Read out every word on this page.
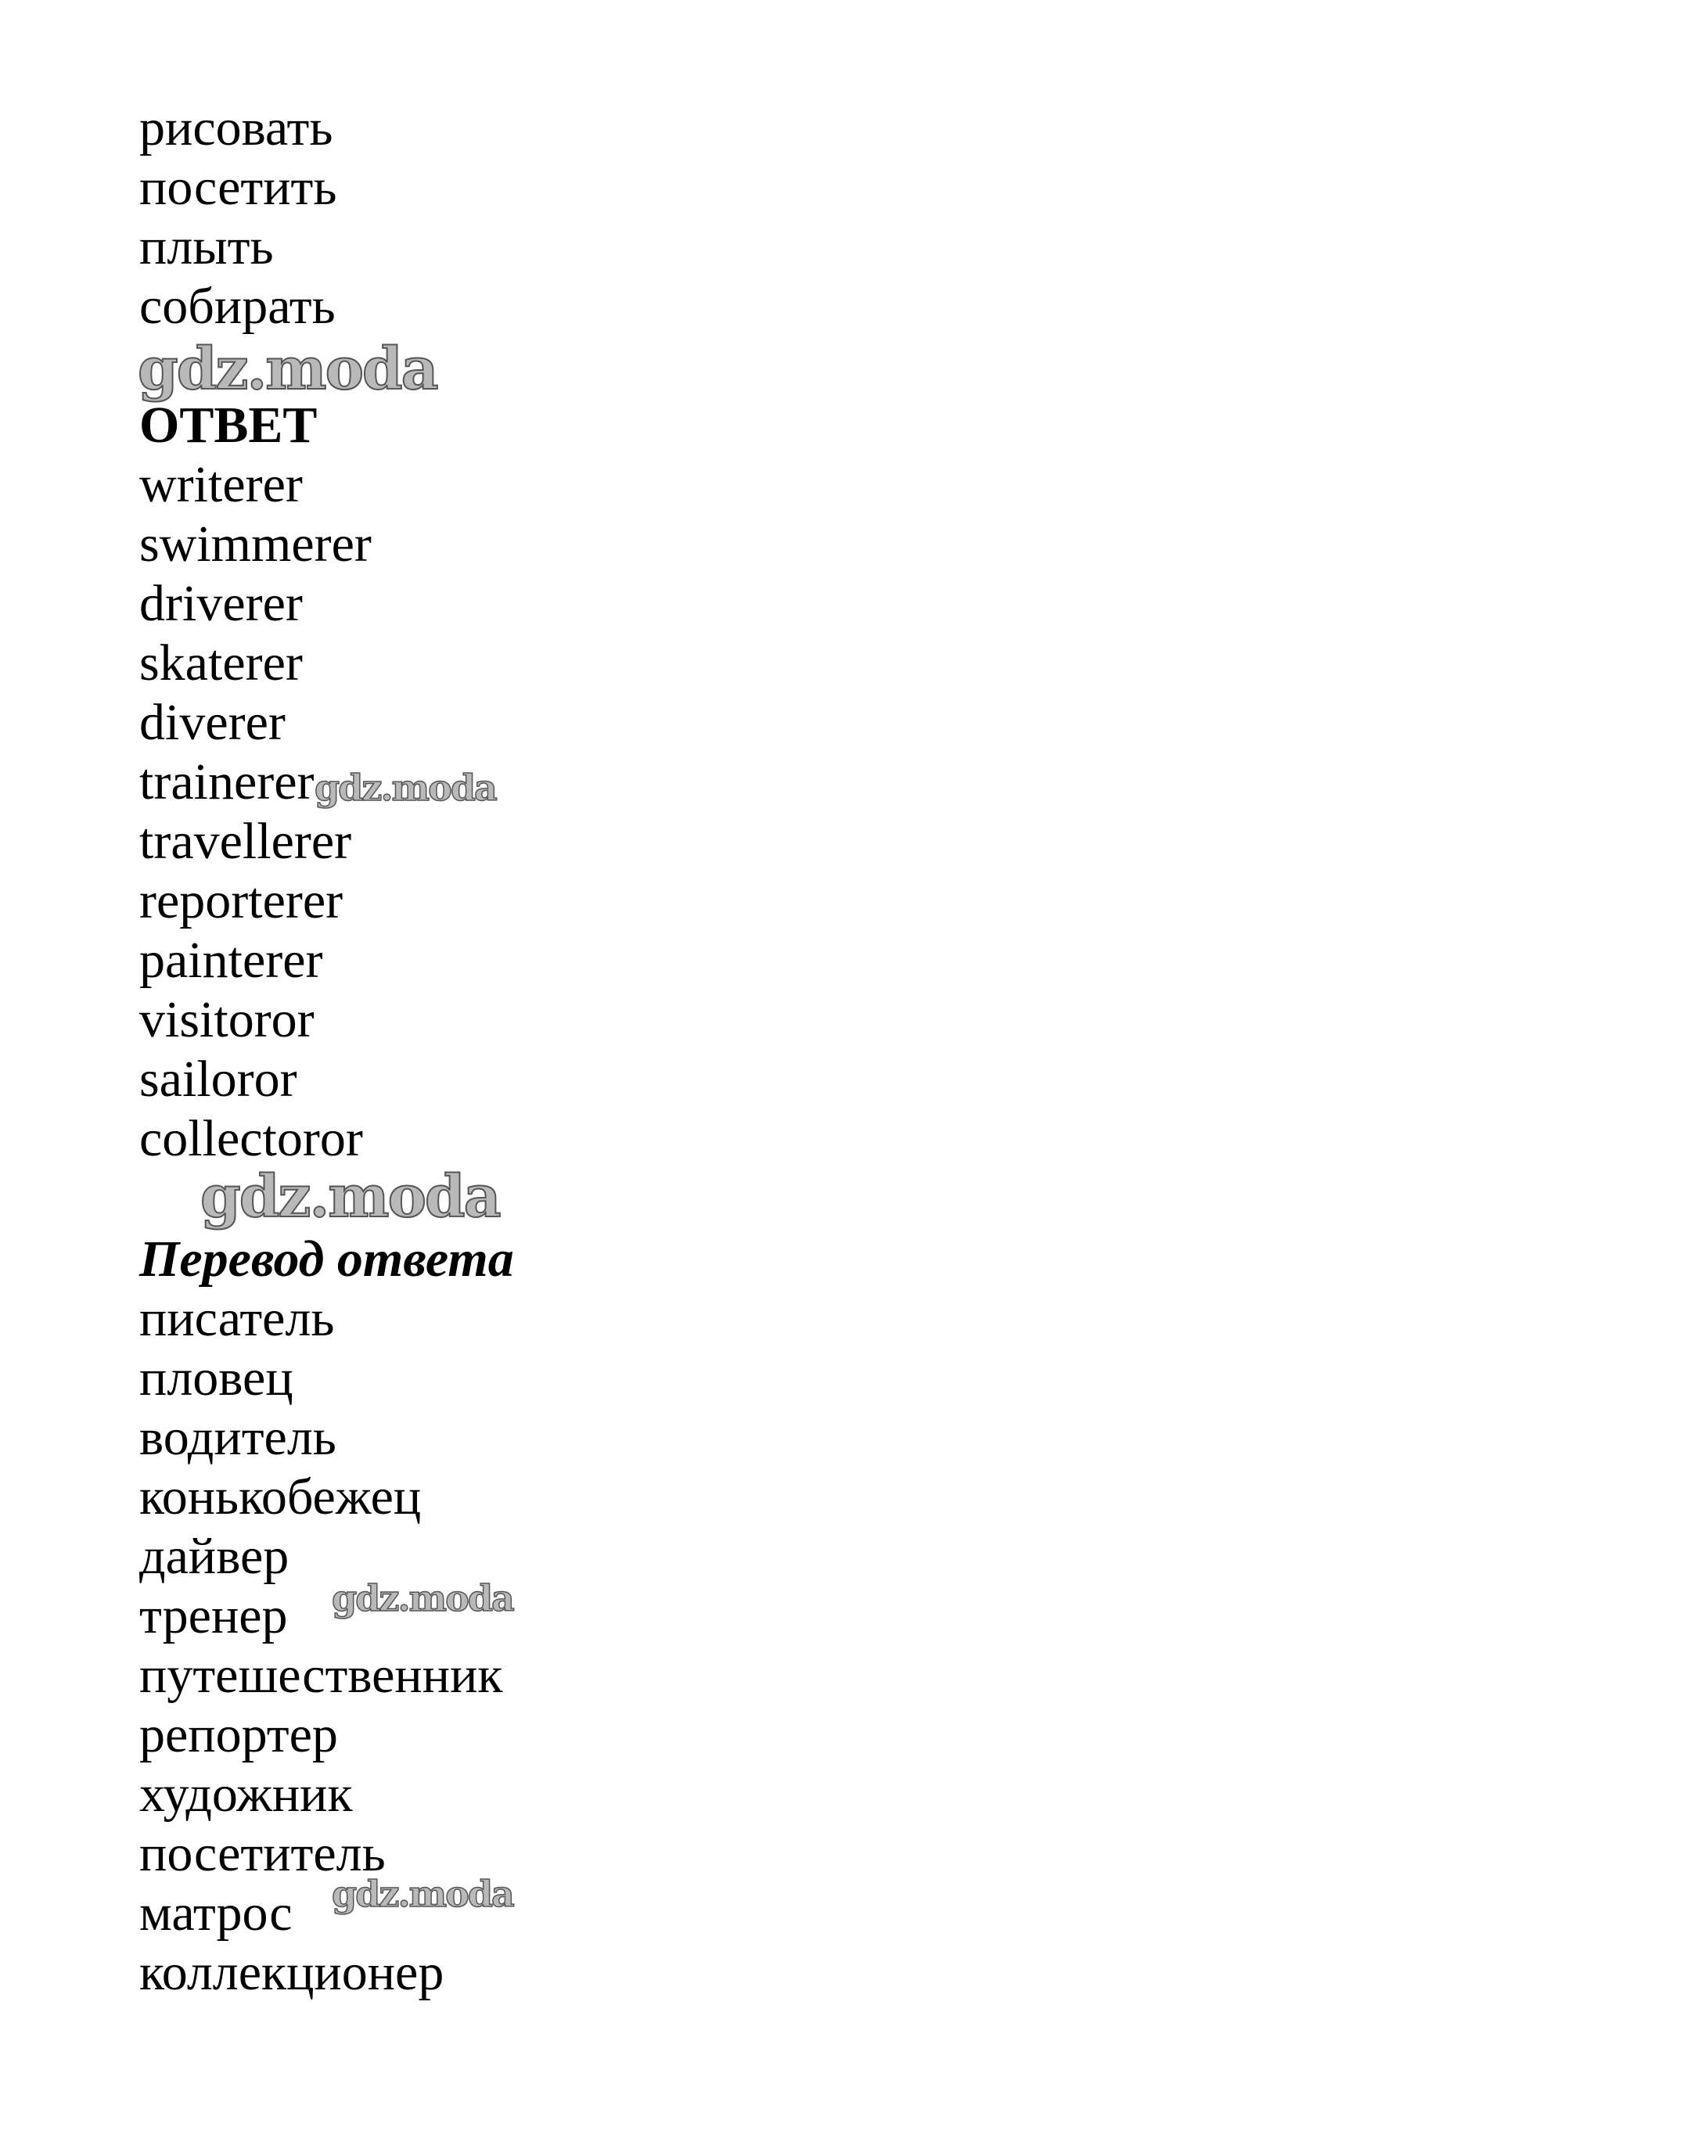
рисовать
посетить
плыть
собирать
gdz.moda
ОТВЕТ
writerer
swimmerer
driverer
skaterer
diverer
trainerer gdz.moda
travellerer
reporterer
painterer
visitoror
sailoror
collectoror
gdz.moda
Перевод ответа
писатель
пловец
водитель
конькобежец
дайвер
тренер gdz.moda
путешественник
репортер
художник
посетитель
матрос gdz.moda
коллекционер
